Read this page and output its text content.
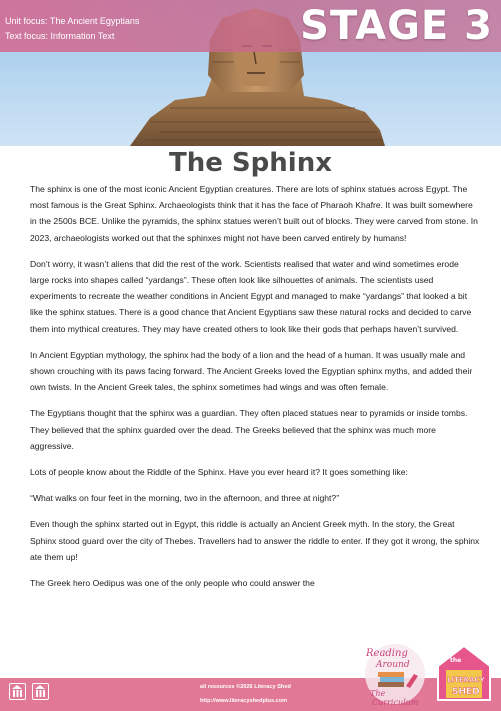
Unit focus: The Ancient Egyptians
Text focus: Information Text	STAGE 3
The Sphinx

The sphinx is one of the most iconic Ancient Egyptian creatures. There are lots of sphinx statues across Egypt. The most famous is the Great Sphinx. Archaeologists think that it has the face of Pharaoh Khafre. It was built somewhere in the 2500s BCE. Unlike the pyramids, the sphinx statues weren’t built out of blocks. They were carved from stone. In 2023, archaeologists worked out that the sphinxes might not have been carved entirely by humans!

Don’t worry, it wasn’t aliens that did the rest of the work. Scientists realised that water and wind sometimes erode large rocks into shapes called “yardangs”. These often look like silhouettes of animals. The scientists used experiments to recreate the weather conditions in Ancient Egypt and managed to make “yardangs” that looked a bit like the sphinx statues. There is a good chance that Ancient Egyptians saw these natural rocks and decided to carve them into mythical creatures. They may have created others to look like their gods that perhaps haven’t survived.

In Ancient Egyptian mythology, the sphinx had the body of a lion and the head of a human. It was usually male and shown crouching with its paws facing forward. The Ancient Greeks loved the Egyptian sphinx myths, and added their own twists. In the Ancient Greek tales, the sphinx sometimes had wings and was often female.

The Egyptians thought that the sphinx was a guardian. They often placed statues near to pyramids or inside tombs. They believed that the sphinx guarded over the dead. The Greeks believed that the sphinx was much more aggressive.

Lots of people know about the Riddle of the Sphinx. Have you ever heard it? It goes something like:

“What walks on four feet in the morning, two in the afternoon, and three at night?”

Even though the sphinx started out in Egypt, this riddle is actually an Ancient Greek myth. In the story, the Great Sphinx stood guard over the city of Thebes. Travellers had to answer the riddle to enter. If they got it wrong, the sphinx ate them up!

The Greek hero Oedipus was one of the only people who could answer the

all resources ©2026 Literacy Shed
http://www.literacyshedplus.com
Reading
Around
The
Curriculum
the
LITERACY
SHED
